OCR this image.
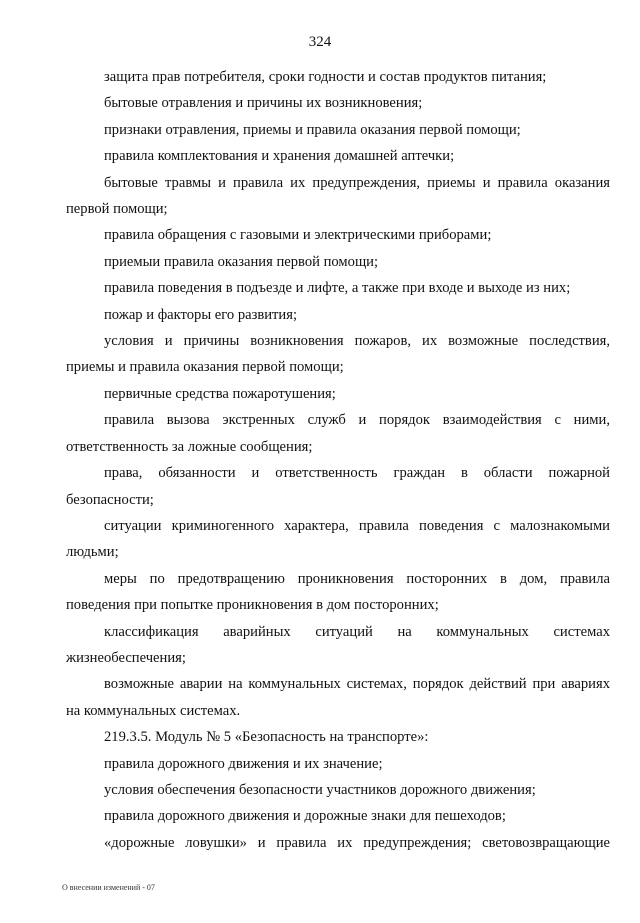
324

защита прав потребителя, сроки годности и состав продуктов питания;

бытовые отравления и причины их возникновения;

признаки отравления, приемы и правила оказания первой помощи;

правила комплектования и хранения домашней аптечки;

бытовые травмы и правила их предупреждения, приемы и правила оказания первой помощи;

правила обращения с газовыми и электрическими приборами;

приемыи правила оказания первой помощи;

правила поведения в подъезде и лифте, а также при входе и выходе из них;

пожар и факторы его развития;

условия и причины возникновения пожаров, их возможные последствия, приемы и правила оказания первой помощи;

первичные средства пожаротушения;

правила вызова экстренных служб и порядок взаимодействия с ними, ответственность за ложные сообщения;

права, обязанности и ответственность граждан в области пожарной безопасности;

ситуации криминогенного характера, правила поведения с малознакомыми людьми;

меры по предотвращению проникновения посторонних в дом, правила поведения при попытке проникновения в дом посторонних;

классификация аварийных ситуаций на коммунальных системах жизнеобеспечения;

возможные аварии на коммунальных системах, порядок действий при авариях на коммунальных системах.

219.3.5. Модуль № 5 «Безопасность на транспорте»:

правила дорожного движения и их значение;

условия обеспечения безопасности участников дорожного движения;

правила дорожного движения и дорожные знаки для пешеходов;

«дорожные ловушки» и правила их предупреждения; световозвращающие

О внесении изменений - 07
